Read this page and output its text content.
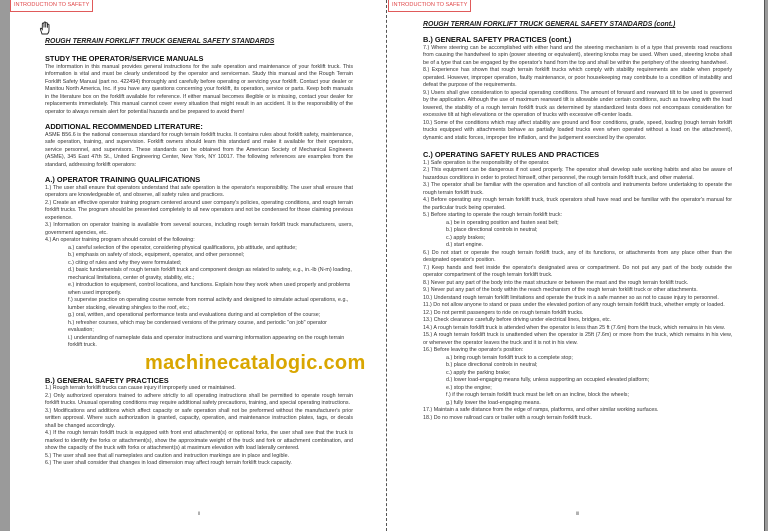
INTRODUCTION TO SAFETY
ROUGH TERRAIN FORKLIFT TRUCK GENERAL SAFETY STANDARDS
STUDY THE OPERATOR/SERVICE MANUALS

The information in this manual provides general instructions for the safe operation and maintenance of your forklift truck. This information is vital and must be clearly understood by the operator and serviceman. Study this manual and the Rough Terrain Forklift Safety Manual (part no. 422494) thoroughly and carefully before operating or servicing your forklift. Contact your dealer or Manitou North America, Inc. if you have any questions concerning your forklift, its operation, service or parts. Keep both manuals in the literature box on the forklift available for reference. If either manual becomes illegible or is missing, contact your dealer for replacements immediately. This manual cannot cover every situation that might result in an accident. It is the responsibility of the operator to always remain alert for potential hazards and be prepared to avoid them!

ADDITIONAL RECOMMENDED LITERATURE:

ASME B56.6 is the national consensus standard for rough terrain forklift trucks. It contains rules about forklift safety, maintenance, safe operation, training, and supervision. Forklift owners should learn this standard and make it available for their operators, service personnel, and supervisors. These standards can be obtained from the American Society of Mechanical Engineers (ASME), 345 East 47th St., United Engineering Center, New York, NY 10017. The following references are examples from the standard, addressing forklift operators:

A.) OPERATOR TRAINING QUALIFICATIONS

1.) The user shall ensure that operators understand that safe operation is the operator's responsibility. The user shall ensure that operators are knowledgeable of, and observe, all safety rules and practices.

2.) Create an effective operator training program centered around user company's policies, operating conditions, and rough terrain forklift trucks. The program should be presented completely to all new operators and not be condensed for those claiming previous experience.

3.) Information on operator training is available from several sources, including rough terrain forklift truck manufacturers, users, government agencies, etc.

4.) An operator training program should consist of the following:

a.) careful selection of the operator, considering physical qualifications, job attitude, and aptitude;

b.) emphasis on safety of stock, equipment, operator, and other personnel;

c.) citing of rules and why they were formulated;

d.) basic fundamentals of rough terrain forklift truck and component design as related to safety, e.g., in.-lb (N-m) loading, mechanical limitations, center of gravity, stability, etc.;

e.) introduction to equipment, control locations, and functions. Explain how they work when used properly and problems when used improperly.

f.) supervise practice on operating course remote from normal activity and designed to simulate actual operations, e.g., lumber stacking, elevating shingles to the roof, etc.;

g.) oral, written, and operational performance tests and evaluations during and at completion of the course;

h.) refresher courses, which may be condensed versions of the primary course, and periodic "on job" operator evaluation;

i.) understanding of nameplate data and operator instructions and warning information appearing on the rough terrain forklift truck.

machinecatalogic.com
B.) GENERAL SAFETY PRACTICES

1.) Rough terrain forklift trucks can cause injury if improperly used or maintained.

2.) Only authorized operators trained to adhere strictly to all operating instructions shall be permitted to operate rough terrain forklift trucks. Unusual operating conditions may require additional safety precautions, training, and special operating instructions.

3.) Modifications and additions which affect capacity or safe operation shall not be preformed without the manufacturer's prior written approval. Where such authorization is granted, capacity, operation, and maintenance instruction plates, tags, or decals shall be changed accordingly.

4.) If the rough terrain forklift truck is equipped with front end attachment(s) or optional forks, the user shall see that the truck is marked to identify the forks or attachment(s), show the approximate weight of the truck and fork or attachment combination, and show the capacity of the truck with forks or attachment(s) at maximum elevation with load laterally centered.

5.) The user shall see that all nameplates and caution and instruction markings are in place and legible.

6.) The user shall consider that changes in load dimension may affect rough terrain forklift truck capacity.

ii
INTRODUCTION TO SAFETY
ROUGH TERRAIN FORKLIFT TRUCK GENERAL SAFETY STANDARDS (cont.)
B.) GENERAL SAFETY PRACTICES (cont.)

7.) Where steering can be accomplished with either hand and the steering mechanism is of a type that prevents road reactions from causing the handwheel to spin (power steering or equivalent), steering knobs may be used. When used, steering knobs shall be of a type that can be engaged by the operator's hand from the top and shall be within the periphery of the steering handwheel.

8.) Experience has shown that rough terrain forklift trucks which comply with stability requirements are stable when properly operated. However, improper operation, faulty maintenance, or poor housekeeping may contribute to a condition of instability and defeat the purpose of the requirements.

9.) Users shall give consideration to special operating conditions. The amount of forward and rearward tilt to be used is governed by the application. Although the use of maximum rearward tilt is allowable under certain conditions, such as traveling with the load lowered, the stability of a rough terrain forklift truck as determined by standardized tests does not encompass consideration for excessive tilt at high elevations or the operation of trucks with excessive off-center loads.

10.) Some of the conditions which may affect stability are ground and floor conditions, grade, speed, loading (rough terrain forklift trucks equipped with attachments behave as partially loaded trucks even when operated without a load on the attachment), dynamic and static forces, improper tire inflation, and the judgement exercised by the operator.

C.) OPERATING SAFETY RULES AND PRACTICES

1.) Safe operation is the responsibility of the operator.

2.) This equipment can be dangerous if not used properly. The operator shall develop safe working habits and also be aware of hazardous conditions in order to protect himself, other personnel, the rough terrain forklift truck, and other material.

3.) The operator shall be familiar with the operation and function of all controls and instruments before undertaking to operate the rough terrain forklift truck.

4.) Before operating any rough terrain forklift truck, truck operators shall have read and be familiar with the operator's manual for the particular truck being operated.

5.) Before starting to operate the rough terrain forklift truck:

a.) be in operating position and fasten seat belt;

b.) place directional controls in neutral;

c.) apply brakes;

d.) start engine.

6.) Do not start or operate the rough terrain forklift truck, any of its functions, or attachments from any place other than the designated operator's position.

7.) Keep hands and feet inside the operator's designated area or compartment. Do not put any part of the body outside the operator compartment of the rough terrain forklift truck.

8.) Never put any part of the body into the mast structure or between the mast and the rough terrain forklift truck.

9.) Never put any part of the body within the reach mechanism of the rough terrain forklift truck or other attachments.

10.) Understand rough terrain forklift limitations and operate the truck in a safe manner so as not to cause injury to personnel.

11.) Do not allow anyone to stand or pass under the elevated portion of any rough terrain forklift truck, whether empty or loaded.

12.) Do not permit passengers to ride on rough terrain forklift trucks.

13.) Check clearance carefully before driving under electrical lines, bridges, etc.

14.) A rough terrain forklift truck is attended when the operator is less than 25 ft (7.6m) from the truck, which remains in his view.

15.) A rough terrain forklift truck is unattended when the operator is 25ft (7.6m) or more from the truck, which remains in his view, or whenever the operator leaves the truck and it is not in his view.

16.) Before leaving the operator's position:

a.) bring rough terrain forklift truck to a complete stop;

b.) place directional controls in neutral;

c.) apply the parking brake;

d.) lower load-engaging means fully, unless supporting an occupied elevated platform;

e.) stop the engine;

f.) if the rough terrain forklift truck must be left on an incline, block the wheels;

g.) fully lower the load-engaging means.

17.) Maintain a safe distance from the edge of ramps, platforms, and other similar working surfaces.

18.) Do no move railroad cars or trailer with a rough terrain forklift truck.

iii
